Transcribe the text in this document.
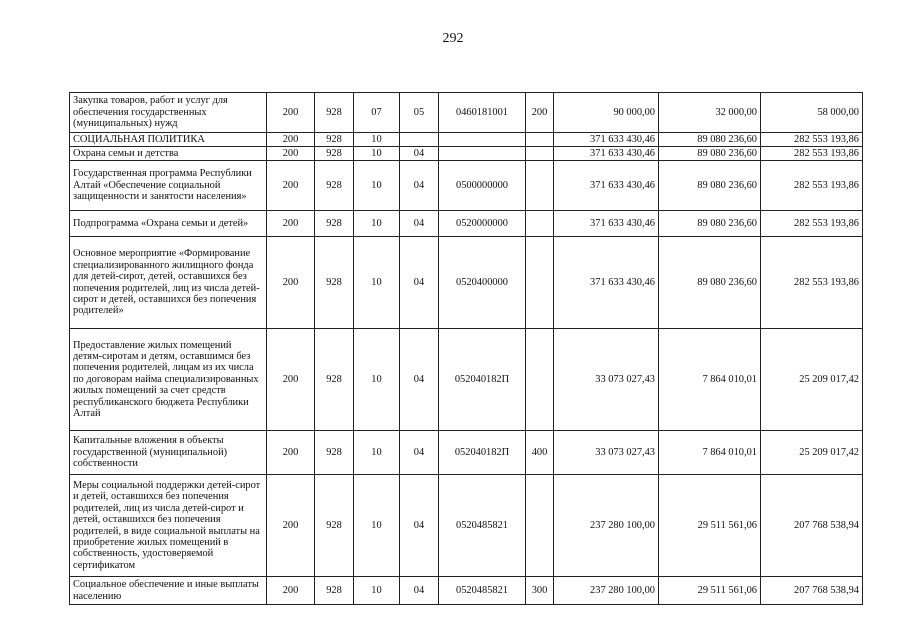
292
Закупка товаров, работ и услуг для обеспечения государственных (муниципальных) нужд	200	928	07	05	0460181001	200	90 000,00	32 000,00	58 000,00
СОЦИАЛЬНАЯ ПОЛИТИКА	200	928	10				371 633 430,46	89 080 236,60	282 553 193,86
Охрана семьи и детства	200	928	10	04			371 633 430,46	89 080 236,60	282 553 193,86
Государственная программа Республики Алтай «Обеспечение социальной защищенности и занятости населения»	200	928	10	04	0500000000		371 633 430,46	89 080 236,60	282 553 193,86
Подпрограмма «Охрана семьи и детей»	200	928	10	04	0520000000		371 633 430,46	89 080 236,60	282 553 193,86
Основное мероприятие «Формирование специализированного жилищного фонда для детей-сирот, детей, оставшихся без попечения родителей, лиц из числа детей-сирот и детей, оставшихся без попечения родителей»	200	928	10	04	0520400000		371 633 430,46	89 080 236,60	282 553 193,86
Предоставление жилых помещений детям-сиротам и детям, оставшимся без попечения родителей, лицам из их числа по договорам найма специализированных жилых помещений за счет средств республиканского бюджета Республики Алтай	200	928	10	04	052040182П		33 073 027,43	7 864 010,01	25 209 017,42
Капитальные вложения в объекты государственной (муниципальной) собственности	200	928	10	04	052040182П	400	33 073 027,43	7 864 010,01	25 209 017,42
Меры социальной поддержки детей-сирот и детей, оставшихся без попечения родителей, лиц из числа детей-сирот и детей, оставшихся без попечения родителей, в виде социальной выплаты на приобретение жилых помещений в собственность, удостоверяемой сертификатом	200	928	10	04	0520485821		237 280 100,00	29 511 561,06	207 768 538,94
Социальное обеспечение и иные выплаты населению	200	928	10	04	0520485821	300	237 280 100,00	29 511 561,06	207 768 538,94
